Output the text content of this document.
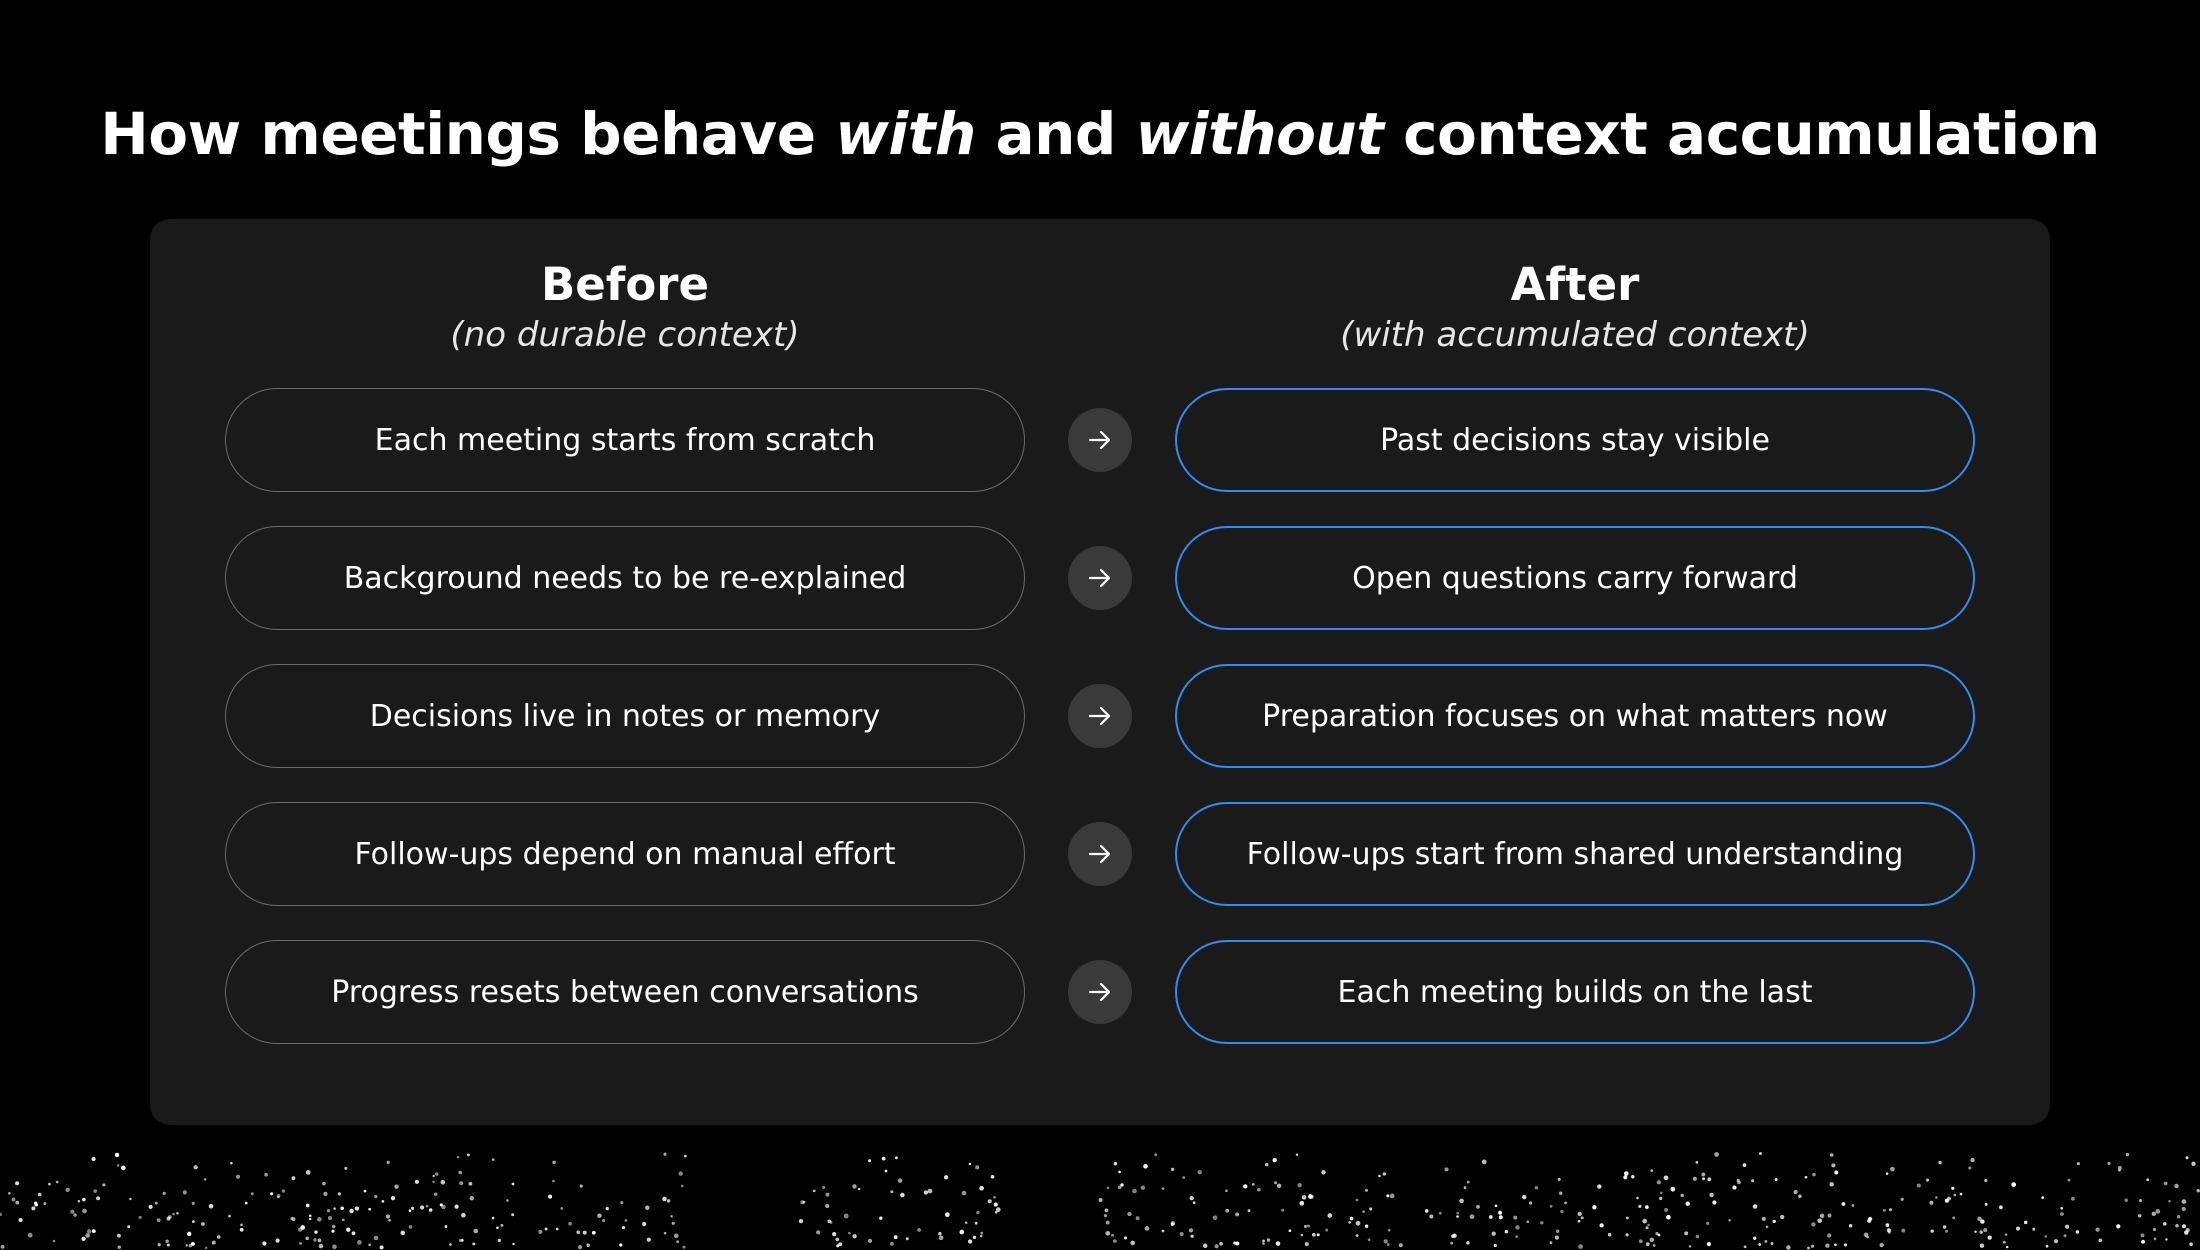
How meetings behave with and without context accumulation
Before
(no durable context)
After
(with accumulated context)
Each meeting starts from scratch	Past decisions stay visible
Background needs to be re-explained	Open questions carry forward
Decisions live in notes or memory	Preparation focuses on what matters now
Follow-ups depend on manual effort	Follow-ups start from shared understanding
Progress resets between conversations	Each meeting builds on the last
